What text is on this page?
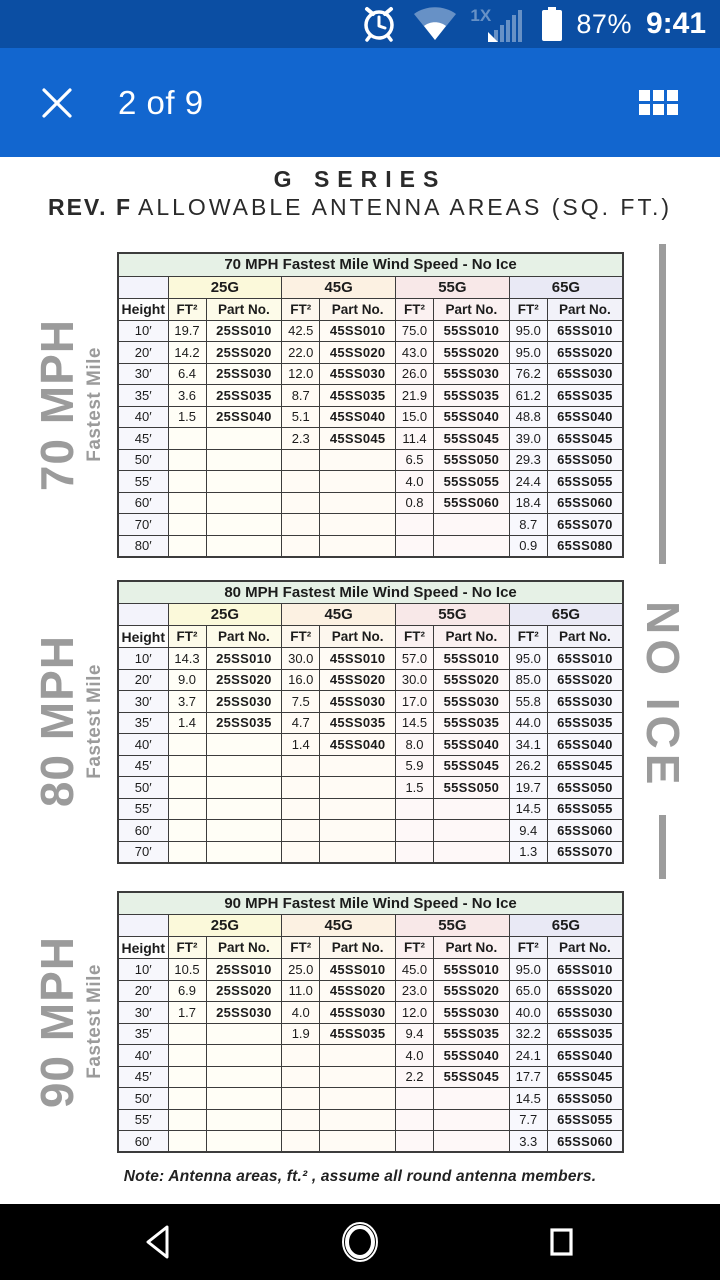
1X	87% 9:41
2 of 9
G SERIES
REV. F ALLOWABLE ANTENNA AREAS (SQ. FT.)
70 MPH Fastest Mile
70 MPH Fastest Mile Wind Speed - No Ice								
	25G		45G		55G		65G	
Height	FT²	Part No.	FT²	Part No.	FT²	Part No.	FT²	Part No.
10′	19.7	25SS010	42.5	45SS010	75.0	55SS010	95.0	65SS010
20′	14.2	25SS020	22.0	45SS020	43.0	55SS020	95.0	65SS020
30′	6.4	25SS030	12.0	45SS030	26.0	55SS030	76.2	65SS030
35′	3.6	25SS035	8.7	45SS035	21.9	55SS035	61.2	65SS035
40′	1.5	25SS040	5.1	45SS040	15.0	55SS040	48.8	65SS040
45′			2.3	45SS045	11.4	55SS045	39.0	65SS045
50′					6.5	55SS050	29.3	65SS050
55′					4.0	55SS055	24.4	65SS055
60′					0.8	55SS060	18.4	65SS060
70′							8.7	65SS070
80′							0.9	65SS080
80 MPH Fastest Mile
80 MPH Fastest Mile Wind Speed - No Ice								
	25G		45G		55G		65G	
Height	FT²	Part No.	FT²	Part No.	FT²	Part No.	FT²	Part No.
10′	14.3	25SS010	30.0	45SS010	57.0	55SS010	95.0	65SS010
20′	9.0	25SS020	16.0	45SS020	30.0	55SS020	85.0	65SS020
30′	3.7	25SS030	7.5	45SS030	17.0	55SS030	55.8	65SS030
35′	1.4	25SS035	4.7	45SS035	14.5	55SS035	44.0	65SS035
40′			1.4	45SS040	8.0	55SS040	34.1	65SS040
45′					5.9	55SS045	26.2	65SS045
50′					1.5	55SS050	19.7	65SS050
55′							14.5	65SS055
60′							9.4	65SS060
70′							1.3	65SS070
90 MPH Fastest Mile
90 MPH Fastest Mile Wind Speed - No Ice								
	25G		45G		55G		65G	
Height	FT²	Part No.	FT²	Part No.	FT²	Part No.	FT²	Part No.
10′	10.5	25SS010	25.0	45SS010	45.0	55SS010	95.0	65SS010
20′	6.9	25SS020	11.0	45SS020	23.0	55SS020	65.0	65SS020
30′	1.7	25SS030	4.0	45SS030	12.0	55SS030	40.0	65SS030
35′			1.9	45SS035	9.4	55SS035	32.2	65SS035
40′					4.0	55SS040	24.1	65SS040
45′					2.2	55SS045	17.7	65SS045
50′							14.5	65SS050
55′							7.7	65SS055
60′							3.3	65SS060
NO ICE
Note: Antenna areas, ft.² , assume all round antenna members.
